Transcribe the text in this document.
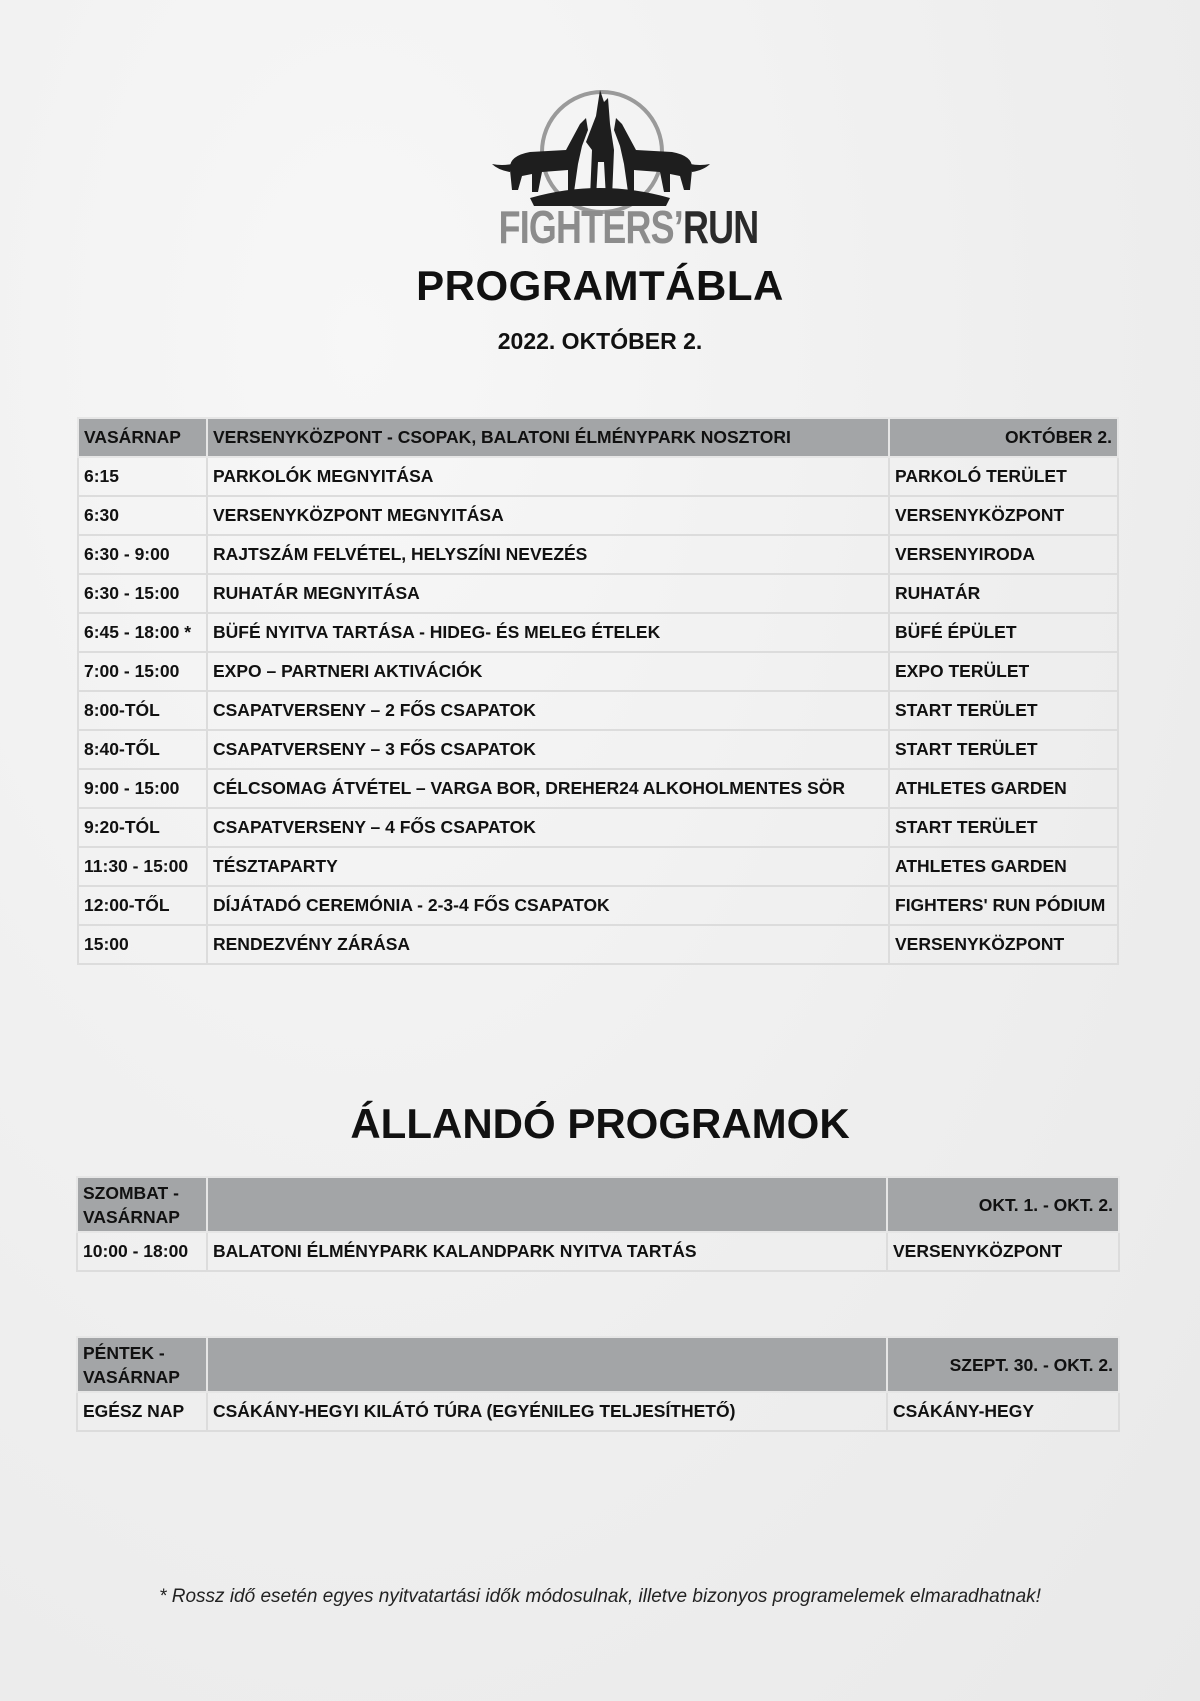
FIGHTERS’RUN
PROGRAMTÁBLA
2022. OKTÓBER 2.
VASÁRNAP	VERSENYKÖZPONT - CSOPAK, BALATONI ÉLMÉNYPARK NOSZTORI	OKTÓBER 2.
6:15	PARKOLÓK MEGNYITÁSA	PARKOLÓ TERÜLET
6:30	VERSENYKÖZPONT MEGNYITÁSA	VERSENYKÖZPONT
6:30 - 9:00	RAJTSZÁM FELVÉTEL, HELYSZÍNI NEVEZÉS	VERSENYIRODA
6:30 - 15:00	RUHATÁR MEGNYITÁSA	RUHATÁR
6:45 - 18:00 *	BÜFÉ NYITVA TARTÁSA - HIDEG- ÉS MELEG ÉTELEK	BÜFÉ ÉPÜLET
7:00 - 15:00	EXPO – PARTNERI AKTIVÁCIÓK	EXPO TERÜLET
8:00-TÓL	CSAPATVERSENY – 2 FŐS CSAPATOK	START TERÜLET
8:40-TŐL	CSAPATVERSENY – 3 FŐS CSAPATOK	START TERÜLET
9:00 - 15:00	CÉLCSOMAG ÁTVÉTEL – VARGA BOR, DREHER24 ALKOHOLMENTES SÖR	ATHLETES GARDEN
9:20-TÓL	CSAPATVERSENY – 4 FŐS CSAPATOK	START TERÜLET
11:30 - 15:00	TÉSZTAPARTY	ATHLETES GARDEN
12:00-TŐL	DÍJÁTADÓ CEREMÓNIA - 2-3-4 FŐS CSAPATOK	FIGHTERS' RUN PÓDIUM
15:00	RENDEZVÉNY ZÁRÁSA	VERSENYKÖZPONT
ÁLLANDÓ PROGRAMOK
SZOMBAT -
VASÁRNAP		OKT. 1. - OKT. 2.
10:00 - 18:00	BALATONI ÉLMÉNYPARK KALANDPARK NYITVA TARTÁS	VERSENYKÖZPONT
PÉNTEK -
VASÁRNAP		SZEPT. 30. - OKT. 2.
EGÉSZ NAP	CSÁKÁNY-HEGYI KILÁTÓ TÚRA (EGYÉNILEG TELJESÍTHETŐ)	CSÁKÁNY-HEGY
* Rossz idő esetén egyes nyitvatartási idők módosulnak, illetve bizonyos programelemek elmaradhatnak!
